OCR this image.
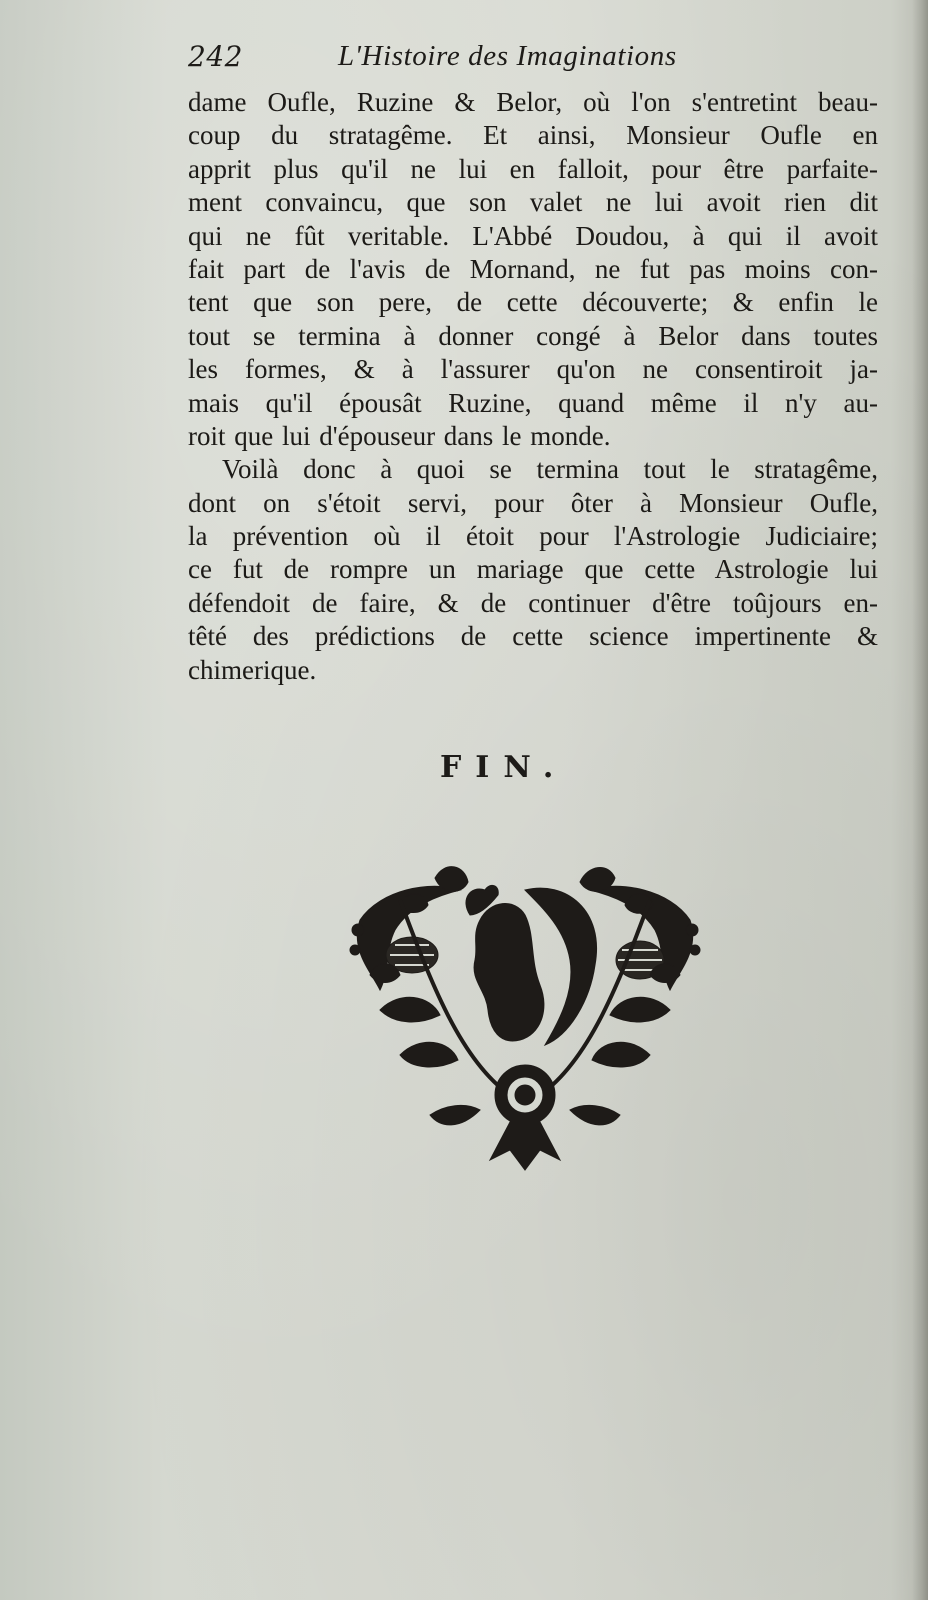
242	L'Histoire des Imaginations
dame Oufle, Ruzine & Belor, où l'on s'entretint beau-
coup du stratagême. Et ainsi, Monsieur Oufle en
apprit plus qu'il ne lui en falloit, pour être parfaite-
ment convaincu, que son valet ne lui avoit rien dit
qui ne fût veritable. L'Abbé Doudou, à qui il avoit
fait part de l'avis de Mornand, ne fut pas moins con-
tent que son pere, de cette découverte; & enfin le
tout se termina à donner congé à Belor dans toutes
les formes, & à l'assurer qu'on ne consentiroit ja-
mais qu'il épousât Ruzine, quand même il n'y au-
roit que lui d'épouseur dans le monde.
Voilà donc à quoi se termina tout le stratagême,
dont on s'étoit servi, pour ôter à Monsieur Oufle,
la prévention où il étoit pour l'Astrologie Judiciaire;
ce fut de rompre un mariage que cette Astrologie lui
défendoit de faire, & de continuer d'être toûjours en-
têté des prédictions de cette science impertinente &
chimerique.
FIN.
